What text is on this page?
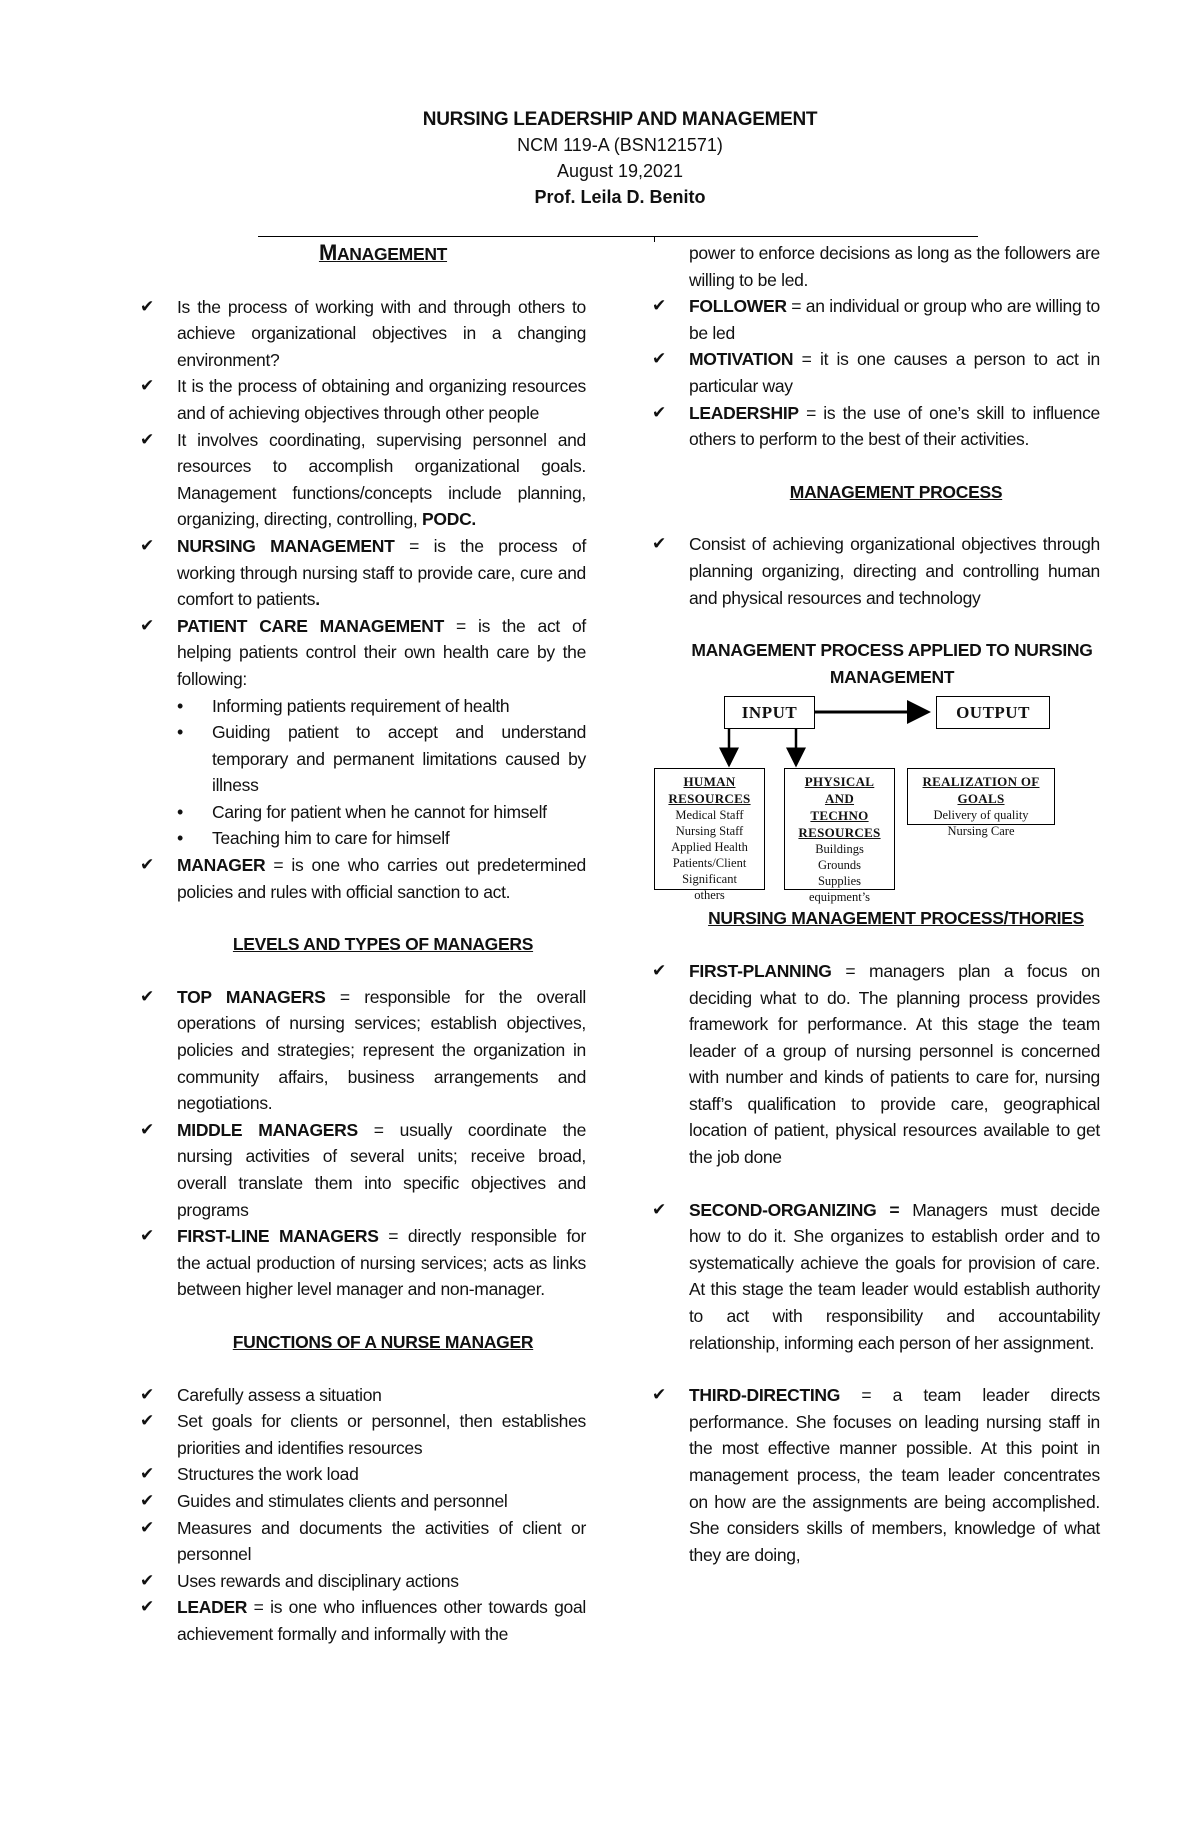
NURSING LEADERSHIP AND MANAGEMENT
NCM 119-A (BSN121571)
August 19,2021
Prof. Leila D. Benito
MANAGEMENT
✔ Is the process of working with and through others to achieve organizational objectives in a changing environment?
✔ It is the process of obtaining and organizing resources and of achieving objectives through other people
✔ It involves coordinating, supervising personnel and resources to accomplish organizational goals. Management functions/concepts include planning, organizing, directing, controlling, PODC.
✔ NURSING MANAGEMENT = is the process of working through nursing staff to provide care, cure and comfort to patients.
✔ PATIENT CARE MANAGEMENT = is the act of helping patients control their own health care by the following:
• Informing patients requirement of health
• Guiding patient to accept and understand temporary and permanent limitations caused by illness
• Caring for patient when he cannot for himself
• Teaching him to care for himself
✔ MANAGER = is one who carries out predetermined policies and rules with official sanction to act.
LEVELS AND TYPES OF MANAGERS
✔ TOP MANAGERS = responsible for the overall operations of nursing services; establish objectives, policies and strategies; represent the organization in community affairs, business arrangements and negotiations.
✔ MIDDLE MANAGERS = usually coordinate the nursing activities of several units; receive broad, overall translate them into specific objectives and programs
✔ FIRST-LINE MANAGERS = directly responsible for the actual production of nursing services; acts as links between higher level manager and non-manager.
FUNCTIONS OF A NURSE MANAGER
✔ Carefully assess a situation
✔ Set goals for clients or personnel, then establishes priorities and identifies resources
✔ Structures the work load
✔ Guides and stimulates clients and personnel
✔ Measures and documents the activities of client or personnel
✔ Uses rewards and disciplinary actions
✔ LEADER = is one who influences other towards goal achievement formally and informally with the
power to enforce decisions as long as the followers are willing to be led.
✔ FOLLOWER = an individual or group who are willing to be led
✔ MOTIVATION = it is one causes a person to act in particular way
✔ LEADERSHIP = is the use of one’s skill to influence others to perform to the best of their activities.
MANAGEMENT PROCESS
✔ Consist of achieving organizational objectives through planning organizing, directing and controlling human and physical resources and technology
MANAGEMENT PROCESS APPLIED TO NURSING
MANAGEMENT
INPUT	OUTPUT
HUMAN RESOURCES
Medical Staff
Nursing Staff
Applied Health
Patients/Client
Significant
others
PHYSICAL
AND
TECHNO
RESOURCES
Buildings
Grounds
Supplies
equipment’s
REALIZATION OF GOALS
Delivery of quality
Nursing Care
NURSING MANAGEMENT PROCESS/THORIES
✔ FIRST-PLANNING = managers plan a focus on deciding what to do. The planning process provides framework for performance. At this stage the team leader of a group of nursing personnel is concerned with number and kinds of patients to care for, nursing staff’s qualification to provide care, geographical location of patient, physical resources available to get the job done
✔ SECOND-ORGANIZING = Managers must decide how to do it. She organizes to establish order and to systematically achieve the goals for provision of care. At this stage the team leader would establish authority to act with responsibility and accountability relationship, informing each person of her assignment.
✔ THIRD-DIRECTING = a team leader directs performance. She focuses on leading nursing staff in the most effective manner possible. At this point in management process, the team leader concentrates on how are the assignments are being accomplished. She considers skills of members, knowledge of what they are doing,
